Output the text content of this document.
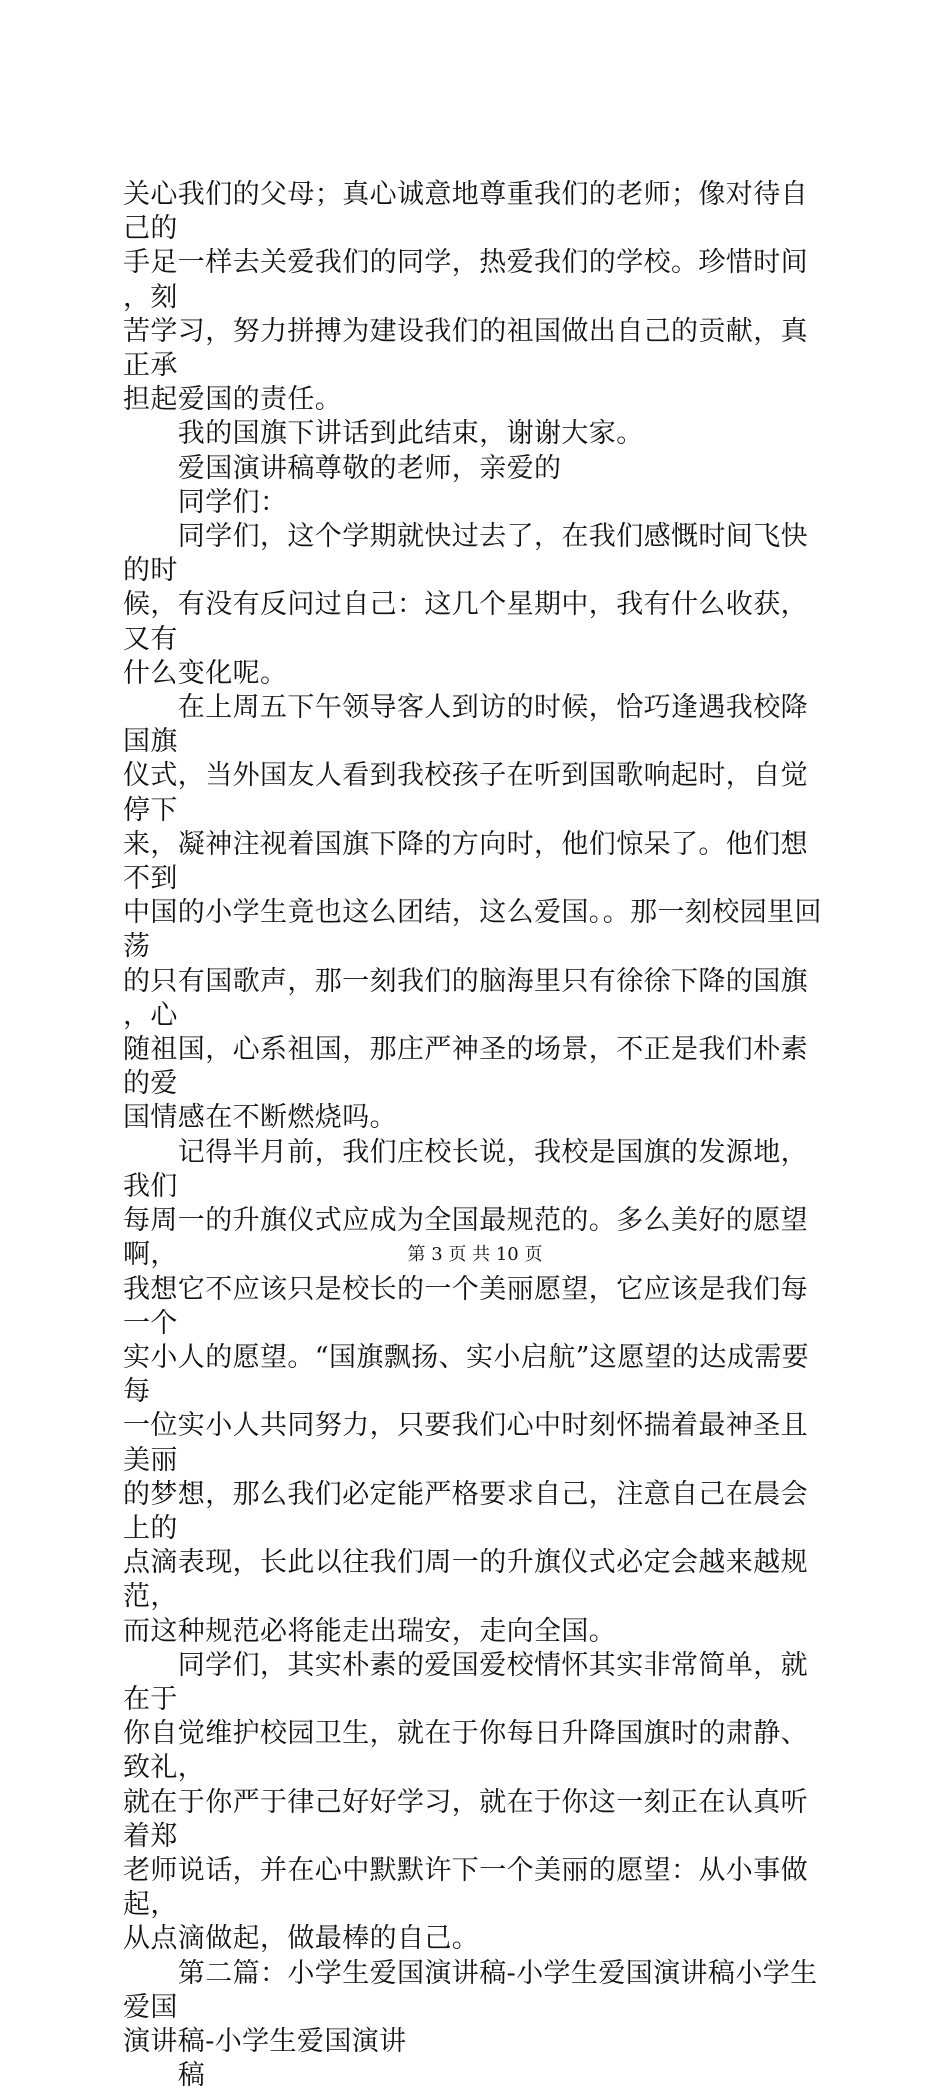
关心我们的父母；真心诚意地尊重我们的老师；像对待自己的

手足一样去关爱我们的同学，热爱我们的学校。珍惜时间，刻

苦学习，努力拼搏为建设我们的祖国做出自己的贡献，真正承

担起爱国的责任。

　　我的国旗下讲话到此结束，谢谢大家。

　　爱国演讲稿尊敬的老师，亲爱的

　　同学们：

　　同学们，这个学期就快过去了，在我们感慨时间飞快的时

候，有没有反问过自己：这几个星期中，我有什么收获，又有

什么变化呢。

　　在上周五下午领导客人到访的时候，恰巧逢遇我校降国旗

仪式，当外国友人看到我校孩子在听到国歌响起时，自觉停下

来，凝神注视着国旗下降的方向时，他们惊呆了。他们想不到

中国的小学生竟也这么团结，这么爱国。。那一刻校园里回荡

的只有国歌声，那一刻我们的脑海里只有徐徐下降的国旗，心

随祖国，心系祖国，那庄严神圣的场景，不正是我们朴素的爱

国情感在不断燃烧吗。

　　记得半月前，我们庄校长说，我校是国旗的发源地，我们

每周一的升旗仪式应成为全国最规范的。多么美好的愿望啊，

我想它不应该只是校长的一个美丽愿望，它应该是我们每一个

实小人的愿望。“国旗飘扬、实小启航”这愿望的达成需要每

一位实小人共同努力，只要我们心中时刻怀揣着最神圣且美丽

的梦想，那么我们必定能严格要求自己，注意自己在晨会上的

点滴表现，长此以往我们周一的升旗仪式必定会越来越规范，

而这种规范必将能走出瑞安，走向全国。

　　同学们，其实朴素的爱国爱校情怀其实非常简单，就在于

你自觉维护校园卫生，就在于你每日升降国旗时的肃静、致礼，

就在于你严于律己好好学习，就在于你这一刻正在认真听着郑

老师说话，并在心中默默许下一个美丽的愿望：从小事做起，

从点滴做起，做最棒的自己。

　　第二篇：小学生爱国演讲稿-小学生爱国演讲稿小学生爱国

演讲稿-小学生爱国演讲

　　稿

第 3 页 共 10 页
